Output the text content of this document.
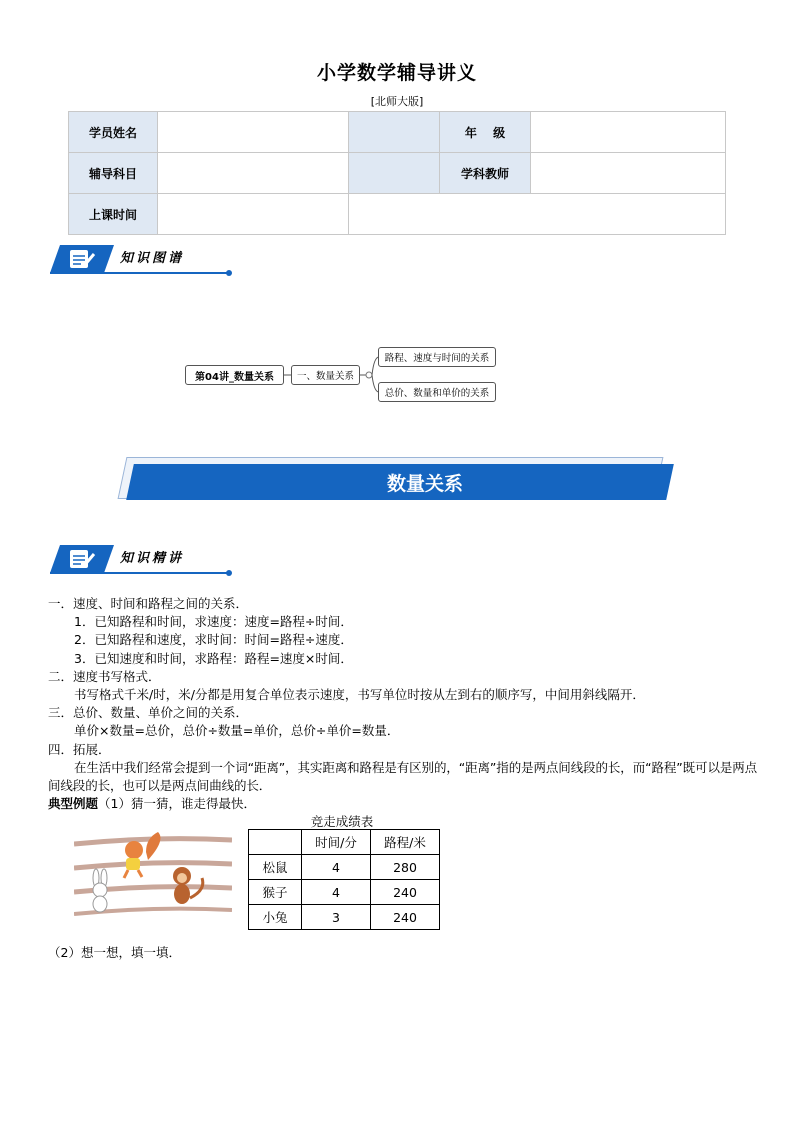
小学数学辅导讲义
[北师大版]
学员姓名			年　 级	
辅导科目			学科教师	
上课时间				
知识图谱
第04讲_数量关系	一、数量关系
路程、速度与时间的关系
总价、数量和单价的关系
数量关系
知识精讲
一．速度、时间和路程之间的关系．
1．已知路程和时间，求速度：速度=路程÷时间．
2．已知路程和速度，求时间：时间=路程÷速度．
3．已知速度和时间，求路程：路程=速度×时间．
二．速度书写格式．
书写格式千米/时，米/分都是用复合单位表示速度，书写单位时按从左到右的顺序写，中间用斜线隔开．
三．总价、数量、单价之间的关系．
单价×数量=总价，总价÷数量=单价，总价÷单价=数量．
四．拓展．
在生活中我们经常会提到一个词“距离”，其实距离和路程是有区别的，“距离”指的是两点间线段的长，而“路程”既可以是两点间线段的长，也可以是两点间曲线的长．
典型例题（1）猜一猜，谁走得最快．
竞走成绩表
	时间/分	路程/米
松鼠	4	280
猴子	4	240
小兔	3	240
（2）想一想，填一填．
